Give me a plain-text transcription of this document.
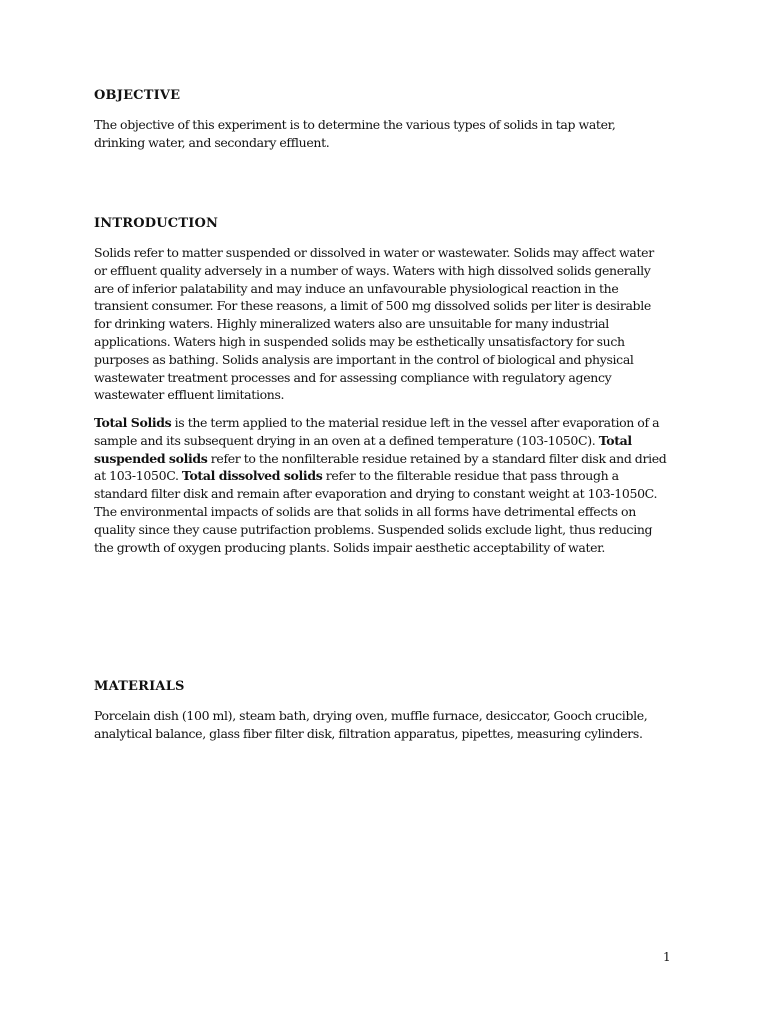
OBJECTIVE
The objective of this experiment is to determine the various types of solids in tap water,
drinking water, and secondary effluent.
INTRODUCTION
Solids refer to matter suspended or dissolved in water or wastewater. Solids may affect water
or effluent quality adversely in a number of ways. Waters with high dissolved solids generally
are of inferior palatability and may induce an unfavourable physiological reaction in the
transient consumer. For these reasons, a limit of 500 mg dissolved solids per liter is desirable
for drinking waters. Highly mineralized waters also are unsuitable for many industrial
applications. Waters high in suspended solids may be esthetically unsatisfactory for such
purposes as bathing. Solids analysis are important in the control of biological and physical
wastewater treatment processes and for assessing compliance with regulatory agency
wastewater effluent limitations.
Total Solids is the term applied to the material residue left in the vessel after evaporation of a
sample and its subsequent drying in an oven at a defined temperature (103-1050C). Total
suspended solids refer to the nonfilterable residue retained by a standard filter disk and dried
at 103-1050C. Total dissolved solids refer to the filterable residue that pass through a
standard filter disk and remain after evaporation and drying to constant weight at 103-1050C.
The environmental impacts of solids are that solids in all forms have detrimental effects on
quality since they cause putrifaction problems. Suspended solids exclude light, thus reducing
the growth of oxygen producing plants. Solids impair aesthetic acceptability of water.
MATERIALS
Porcelain dish (100 ml), steam bath, drying oven, muffle furnace, desiccator, Gooch crucible,
analytical balance, glass fiber filter disk, filtration apparatus, pipettes, measuring cylinders.

1
